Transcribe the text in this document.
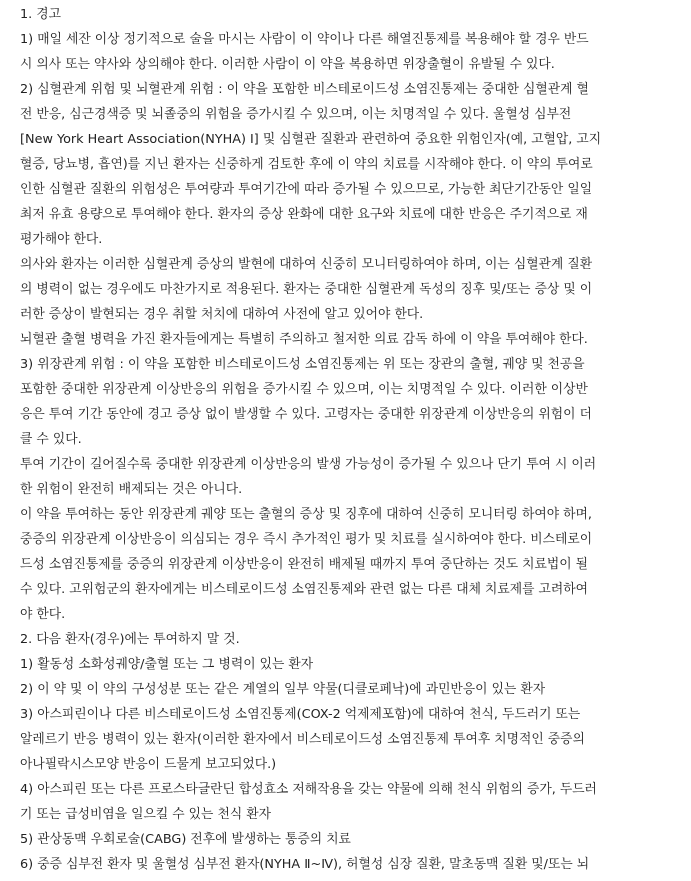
1. 경고
1) 매일 세잔 이상 정기적으로 술을 마시는 사람이 이 약이나 다른 해열진통제를 복용해야 할 경우 반드
시 의사 또는 약사와 상의해야 한다. 이러한 사람이 이 약을 복용하면 위장출혈이 유발될 수 있다.
2) 심혈관계 위험 및 뇌혈관계 위험 : 이 약을 포함한 비스테로이드성 소염진통제는 중대한 심혈관계 혈
전 반응, 심근경색증 및 뇌졸중의 위험을 증가시킬 수 있으며, 이는 치명적일 수 있다. 울혈성 심부전
[New York Heart Association(NYHA) Ⅰ] 및 심혈관 질환과 관련하여 중요한 위험인자(예, 고혈압, 고지
혈증, 당뇨병, 흡연)를 지닌 환자는 신중하게 검토한 후에 이 약의 치료를 시작해야 한다. 이 약의 투여로
인한 심혈관 질환의 위험성은 투여량과 투여기간에 따라 증가될 수 있으므로, 가능한 최단기간동안 일일
최저 유효 용량으로 투여해야 한다. 환자의 증상 완화에 대한 요구와 치료에 대한 반응은 주기적으로 재
평가해야 한다.
의사와 환자는 이러한 심혈관계 증상의 발현에 대하여 신중히 모니터링하여야 하며, 이는 심혈관계 질환
의 병력이 없는 경우에도 마찬가지로 적용된다. 환자는 중대한 심혈관계 독성의 징후 및/또는 증상 및 이
러한 증상이 발현되는 경우 취할 처치에 대하여 사전에 알고 있어야 한다.
뇌혈관 출혈 병력을 가진 환자들에게는 특별히 주의하고 철저한 의료 감독 하에 이 약을 투여해야 한다.
3) 위장관계 위험 : 이 약을 포함한 비스테로이드성 소염진통제는 위 또는 장관의 출혈, 궤양 및 천공을
포함한 중대한 위장관계 이상반응의 위험을 증가시킬 수 있으며, 이는 치명적일 수 있다. 이러한 이상반
응은 투여 기간 동안에 경고 증상 없이 발생할 수 있다. 고령자는 중대한 위장관계 이상반응의 위험이 더
클 수 있다.
투여 기간이 길어질수록 중대한 위장관계 이상반응의 발생 가능성이 증가될 수 있으나 단기 투여 시 이러
한 위험이 완전히 배제되는 것은 아니다.
이 약을 투여하는 동안 위장관계 궤양 또는 출혈의 증상 및 징후에 대하여 신중히 모니터링 하여야 하며,
중증의 위장관계 이상반응이 의심되는 경우 즉시 추가적인 평가 및 치료를 실시하여야 한다. 비스테로이
드성 소염진통제를 중증의 위장관계 이상반응이 완전히 배제될 때까지 투여 중단하는 것도 치료법이 될
수 있다. 고위험군의 환자에게는 비스테로이드성 소염진통제와 관련 없는 다른 대체 치료제를 고려하여
야 한다.
2. 다음 환자(경우)에는 투여하지 말 것.
1) 활동성 소화성궤양/출혈 또는 그 병력이 있는 환자
2) 이 약 및 이 약의 구성성분 또는 같은 계열의 일부 약물(디클로페낙)에 과민반응이 있는 환자
3) 아스피린이나 다른 비스테로이드성 소염진통제(COX-2 억제제포함)에 대하여 천식, 두드러기 또는
알레르기 반응 병력이 있는 환자(이러한 환자에서 비스테로이드성 소염진통제 투여후 치명적인 중증의
아나필락시스모양 반응이 드물게 보고되었다.)
4) 아스피린 또는 다른 프로스타글란딘 합성효소 저해작용을 갖는 약물에 의해 천식 위험의 증가, 두드러
기 또는 급성비염을 일으킬 수 있는 천식 환자
5) 관상동맥 우회로술(CABG) 전후에 발생하는 통증의 치료
6) 중증 심부전 환자 및 울혈성 심부전 환자(NYHA Ⅱ~Ⅳ), 허혈성 심장 질환, 말초동맥 질환 및/또는 뇌
